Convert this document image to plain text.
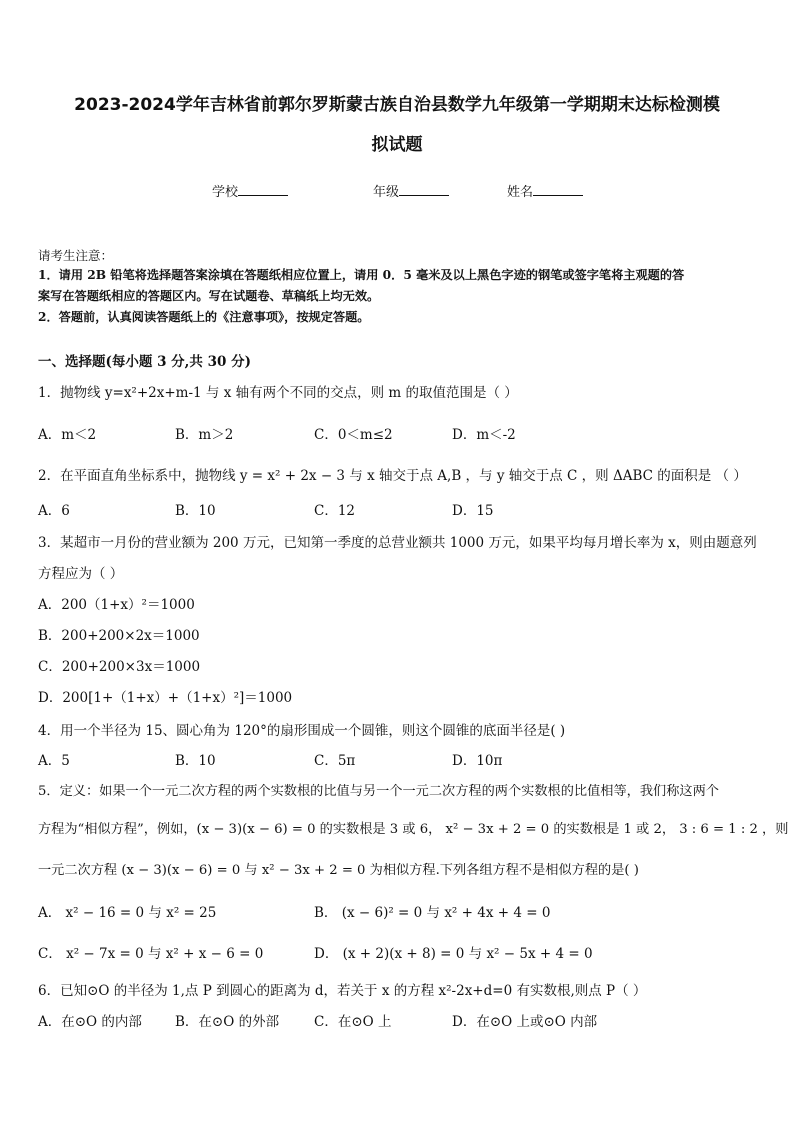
2023-2024学年吉林省前郭尔罗斯蒙古族自治县数学九年级第一学期期末达标检测模
拟试题
学校	年级	姓名
请考生注意：
1．请用 2B 铅笔将选择题答案涂填在答题纸相应位置上，请用 0．5 毫米及以上黑色字迹的钢笔或签字笔将主观题的答
案写在答题纸相应的答题区内。写在试题卷、草稿纸上均无效。
2．答题前，认真阅读答题纸上的《注意事项》，按规定答题。
一、选择题(每小题 3 分,共 30 分)
1．抛物线 y=x²+2x+m-1 与 x 轴有两个不同的交点，则 m 的取值范围是（ ）
A．m＜2	B．m＞2	C．0＜m≤2	D．m＜-2
2．在平面直角坐标系中，抛物线 y = x² + 2x − 3 与 x 轴交于点 A,B ，与 y 轴交于点 C ，则 ΔABC 的面积是 （ ）
A．6	B．10	C．12	D．15
3．某超市一月份的营业额为 200 万元，已知第一季度的总营业额共 1000 万元，如果平均每月增长率为 x，则由题意列
方程应为（ ）
A．200（1+x）²＝1000
B．200+200×2x＝1000
C．200+200×3x＝1000
D．200[1+（1+x）+（1+x）²]＝1000
4．用一个半径为 15、圆心角为 120°的扇形围成一个圆锥，则这个圆锥的底面半径是( )
A．5	B．10	C．5π	D．10π
5．定义：如果一个一元二次方程的两个实数根的比值与另一个一元二次方程的两个实数根的比值相等，我们称这两个
方程为“相似方程”，例如，(x − 3)(x − 6) = 0 的实数根是 3 或 6， x² − 3x + 2 = 0 的实数根是 1 或 2， 3 : 6 = 1 : 2 ，则
一元二次方程 (x − 3)(x − 6) = 0 与 x² − 3x + 2 = 0 为相似方程.下列各组方程不是相似方程的是( )
A． x² − 16 = 0 与 x² = 25	B． (x − 6)² = 0 与 x² + 4x + 4 = 0
C． x² − 7x = 0 与 x² + x − 6 = 0	D． (x + 2)(x + 8) = 0 与 x² − 5x + 4 = 0
6．已知⊙O 的半径为 1,点 P 到圆心的距离为 d，若关于 x 的方程 x²-2x+d=0 有实数根,则点 P（ ）
A．在⊙O 的内部 B．在⊙O 的外部	C．在⊙O 上	D．在⊙O 上或⊙O 内部
